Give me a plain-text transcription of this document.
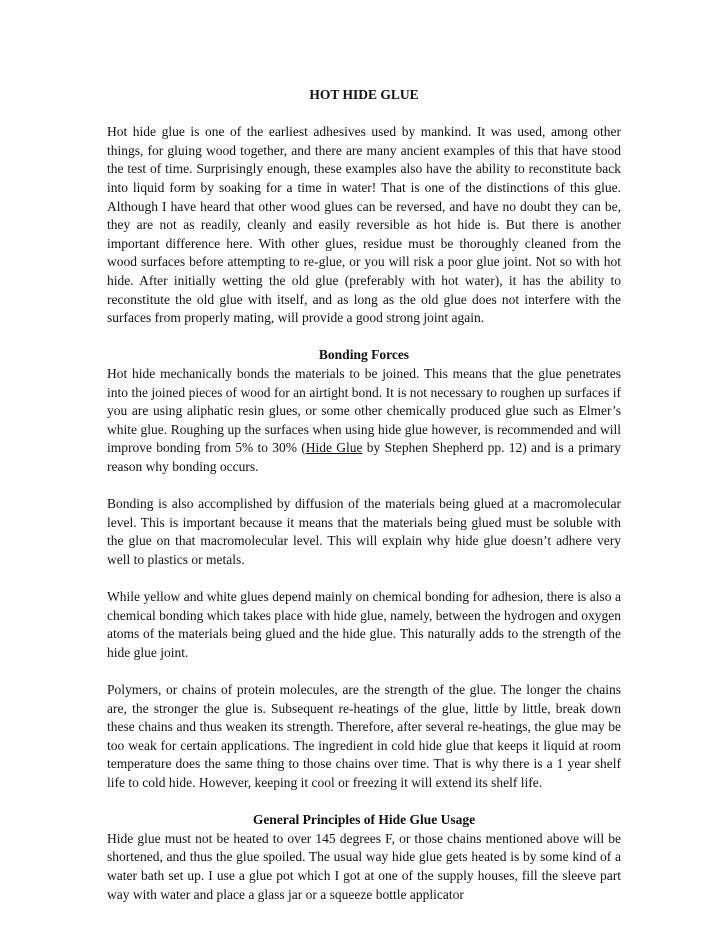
HOT HIDE GLUE

Hot hide glue is one of the earliest adhesives used by mankind. It was used, among other things, for gluing wood together, and there are many ancient examples of this that have stood the test of time. Surprisingly enough, these examples also have the ability to reconstitute back into liquid form by soaking for a time in water! That is one of the distinctions of this glue. Although I have heard that other wood glues can be reversed, and have no doubt they can be, they are not as readily, cleanly and easily reversible as hot hide is. But there is another important difference here. With other glues, residue must be thoroughly cleaned from the wood surfaces before attempting to re-glue, or you will risk a poor glue joint. Not so with hot hide. After initially wetting the old glue (preferably with hot water), it has the ability to reconstitute the old glue with itself, and as long as the old glue does not interfere with the surfaces from properly mating, will provide a good strong joint again.

Bonding Forces

Hot hide mechanically bonds the materials to be joined. This means that the glue penetrates into the joined pieces of wood for an airtight bond. It is not necessary to roughen up surfaces if you are using aliphatic resin glues, or some other chemically produced glue such as Elmer’s white glue. Roughing up the surfaces when using hide glue however, is recommended and will improve bonding from 5% to 30% (Hide Glue by Stephen Shepherd pp. 12) and is a primary reason why bonding occurs.

Bonding is also accomplished by diffusion of the materials being glued at a macromolecular level. This is important because it means that the materials being glued must be soluble with the glue on that macromolecular level. This will explain why hide glue doesn’t adhere very well to plastics or metals.

While yellow and white glues depend mainly on chemical bonding for adhesion, there is also a chemical bonding which takes place with hide glue, namely, between the hydrogen and oxygen atoms of the materials being glued and the hide glue. This naturally adds to the strength of the hide glue joint.

Polymers, or chains of protein molecules, are the strength of the glue. The longer the chains are, the stronger the glue is. Subsequent re-heatings of the glue, little by little, break down these chains and thus weaken its strength. Therefore, after several re-heatings, the glue may be too weak for certain applications. The ingredient in cold hide glue that keeps it liquid at room temperature does the same thing to those chains over time. That is why there is a 1 year shelf life to cold hide. However, keeping it cool or freezing it will extend its shelf life.

General Principles of Hide Glue Usage

Hide glue must not be heated to over 145 degrees F, or those chains mentioned above will be shortened, and thus the glue spoiled. The usual way hide glue gets heated is by some kind of a water bath set up. I use a glue pot which I got at one of the supply houses, fill the sleeve part way with water and place a glass jar or a squeeze bottle applicator
